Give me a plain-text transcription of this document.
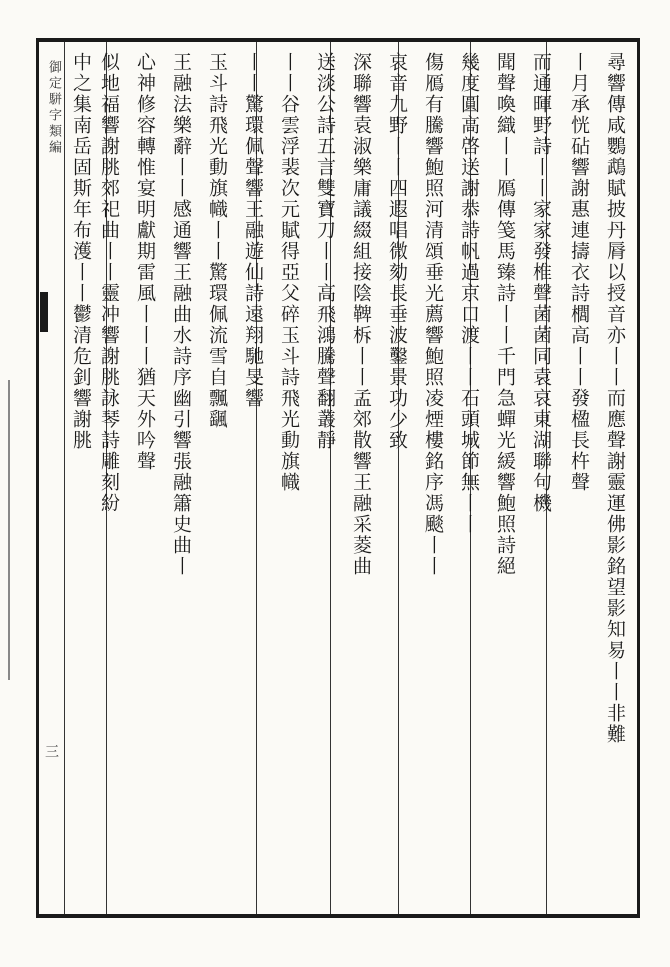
御定駢字類編
三
尋響傳咸鸚鵡賦披丹脣以授音亦丨丨而應聲謝靈運佛影銘望影知易丨丨非難
丨月承恍砧響謝惠連擣衣詩櫚高丨丨發楹長杵聲
而通暉野詩丨丨家家發椎聲菌菌同袁哀東湖聯句機
聞聲喚織丨丨鴈傳笺馬臻詩丨丨千門急蟬光緩響鮑照詩絕
幾度圓高啓送謝恭詩帆過京口渡丨丨石頭城節無丨丨
傷鴈有騰響鮑照河清頌垂光薦響鮑照凌煙樓銘序馮颷丨丨
哀音九野丨丨四遐唱微劾長垂波鑿景功少致
深聯響袁淑樂庸議綴組接陰鞞柝丨丨孟郊散響王融采菱曲
送淡公詩五言雙寶刀丨丨高飛鴻騰聲翻叢靜
丨丨谷雲浮裴次元賦得亞父碎玉斗詩飛光動旗幟
丨丨驚環佩聲響王融遊仙詩遠翔馳旻響
玉斗詩飛光動旗幟丨丨驚環佩流雪自飄颻
王融法樂辭丨丨感通響王融曲水詩序幽引響張融簫史曲丨
心神修容轉惟宴明獻期雷風丨丨丨猶天外吟聲
似地福響謝朓郊祀曲丨丨靈冲響謝朓詠琴詩雕刻紛
中之集南岳固斯年布濩丨丨鬱清危釗響謝朓
